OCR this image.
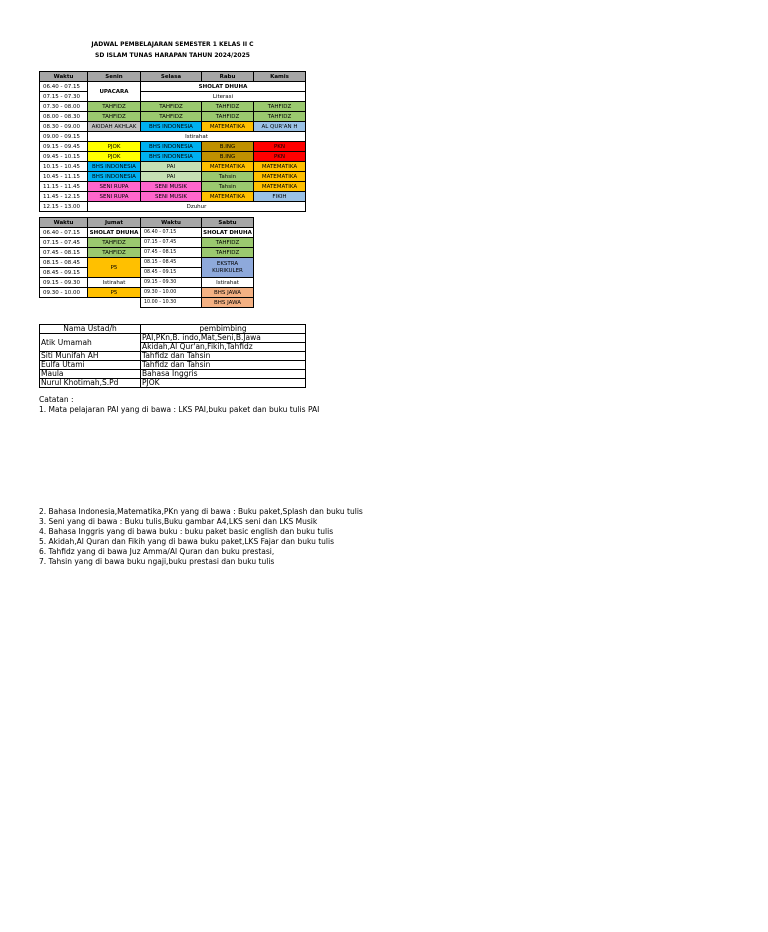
JADWAL PEMBELAJARAN SEMESTER 1 KELAS II C
SD ISLAM TUNAS HARAPAN TAHUN 2024/2025
Waktu	Senin	Selasa	Rabu	Kamis
06.40 - 07.15	UPACARA	SHOLAT DHUHA		
07.15 - 07.30		Literasi		
07.30 - 08.00	TAHFIDZ	TAHFIDZ	TAHFIDZ	TAHFIDZ
08.00 - 08.30	TAHFIDZ	TAHFIDZ	TAHFIDZ	TAHFIDZ
08.30 - 09.00	AKIDAH AKHLAK	BHS INDONESIA	MATEMATIKA	AL QUR'AN H
09.00 - 09.15	Istirahat			
09.15 - 09.45	PJOK	BHS INDONESIA	B.ING	PKN
09.45 - 10.15	PJOK	BHS INDONESIA	B.ING	PKN
10.15 - 10.45	BHS INDONESIA	PAI	MATEMATIKA	MATEMATIKA
10.45 - 11.15	BHS INDONESIA	PAI	Tahsin	MATEMATIKA
11.15 - 11.45	SENI RUPA	SENI MUSIK	Tahsin	MATEMATIKA
11.45 - 12.15	SENI RUPA	SENI MUSIK	MATEMATIKA	FIKIH
12.15 - 13.00	Dzuhur			
Waktu	Jumat	Waktu	Sabtu
06.40 - 07.15	SHOLAT DHUHA	06.40 - 07.15	SHOLAT DHUHA
07.15 - 07.45	TAHFIDZ	07.15 - 07.45	TAHFIDZ
07.45 - 08.15	TAHFIDZ	07.45 - 08.15	TAHFIDZ
08.15 - 08.45	P5	08.15 - 08.45	EKSTRA
KURIKULER
08.45 - 09.15		08.45 - 09.15	
09.15 - 09.30	Istirahat	09.15 - 09.30	Istirahat
09.30 - 10.00	P5	09.30 - 10.00	BHS JAWA
		10.00 - 10.30	BHS JAWA
Nama Ustad/h	pembimbing
Atik Umamah	PAI,PKn,B. indo,Mat,Seni,B.Jawa
	Akidah,Al Qur'an,Fikih,Tahfidz
Siti Munifah AH	Tahfidz dan Tahsin
Eulfa Utami	Tahfidz dan Tahsin
Maula	Bahasa Inggris
Nurul Khotimah,S.Pd	PJOK
Catatan :
1. Mata pelajaran PAI yang di bawa : LKS PAI,buku paket dan buku tulis PAI
2. Bahasa Indonesia,Matematika,PKn yang di bawa : Buku paket,Splash dan buku tulis
3. Seni yang di bawa : Buku tulis,Buku gambar A4,LKS seni dan LKS Musik
4. Bahasa Inggris yang di bawa buku : buku paket basic english dan buku tulis
5. Akidah,Al Quran dan Fikih yang di bawa buku paket,LKS Fajar dan buku tulis
6. Tahfidz yang di bawa Juz Amma/Al Quran dan buku prestasi,
7. Tahsin yang di bawa buku ngaji,buku prestasi dan buku tulis
